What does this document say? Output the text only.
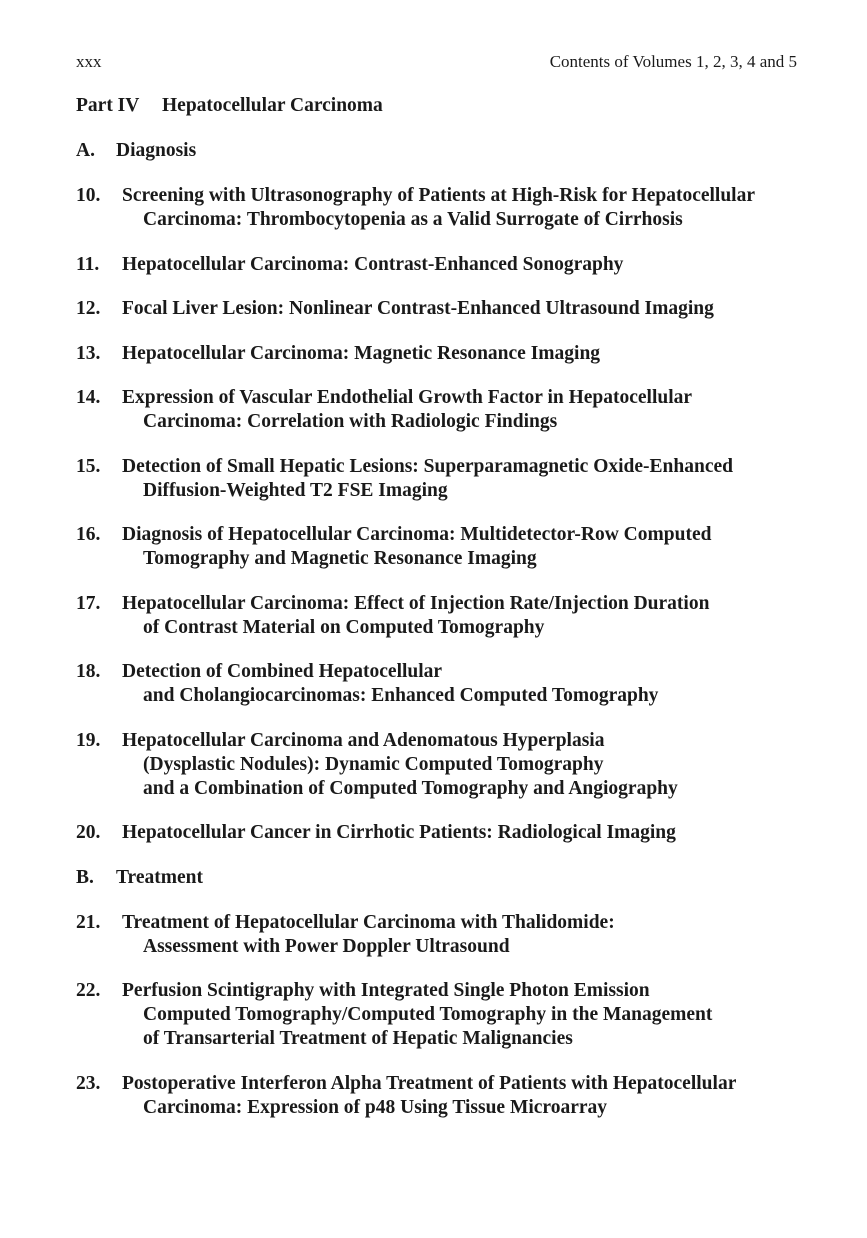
xxx	Contents of Volumes 1, 2, 3, 4 and 5
Part IV Hepatocellular Carcinoma
A. Diagnosis
10. Screening with Ultrasonography of Patients at High-Risk for Hepatocellular
Carcinoma: Thrombocytopenia as a Valid Surrogate of Cirrhosis
11. Hepatocellular Carcinoma: Contrast-Enhanced Sonography
12. Focal Liver Lesion: Nonlinear Contrast-Enhanced Ultrasound Imaging
13. Hepatocellular Carcinoma: Magnetic Resonance Imaging
14. Expression of Vascular Endothelial Growth Factor in Hepatocellular
Carcinoma: Correlation with Radiologic Findings
15. Detection of Small Hepatic Lesions: Superparamagnetic Oxide-Enhanced
Diffusion-Weighted T2 FSE Imaging
16. Diagnosis of Hepatocellular Carcinoma: Multidetector-Row Computed
Tomography and Magnetic Resonance Imaging
17. Hepatocellular Carcinoma: Effect of Injection Rate/Injection Duration
of Contrast Material on Computed Tomography
18. Detection of Combined Hepatocellular
and Cholangiocarcinomas: Enhanced Computed Tomography
19. Hepatocellular Carcinoma and Adenomatous Hyperplasia
(Dysplastic Nodules): Dynamic Computed Tomography
and a Combination of Computed Tomography and Angiography
20. Hepatocellular Cancer in Cirrhotic Patients: Radiological Imaging
B. Treatment
21. Treatment of Hepatocellular Carcinoma with Thalidomide:
Assessment with Power Doppler Ultrasound
22. Perfusion Scintigraphy with Integrated Single Photon Emission
Computed Tomography/Computed Tomography in the Management
of Transarterial Treatment of Hepatic Malignancies
23. Postoperative Interferon Alpha Treatment of Patients with Hepatocellular
Carcinoma: Expression of p48 Using Tissue Microarray
